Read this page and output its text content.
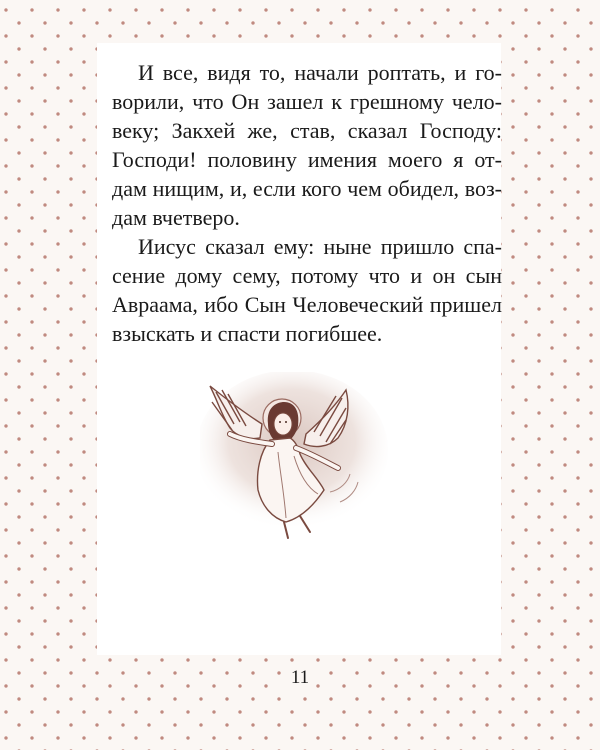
И все, видя то, начали роптать, и го-
ворили, что Он зашел к грешному чело-
веку; Закхей же, став, сказал Господу:
Господи! половину имения моего я от-
дам нищим, и, если кого чем обидел, воз-
дам вчетверо.
Иисус сказал ему: ныне пришло спа-
сение дому сему, потому что и он сын
Авраама, ибо Сын Человеческий пришел
взыскать и спасти погибшее.
11
